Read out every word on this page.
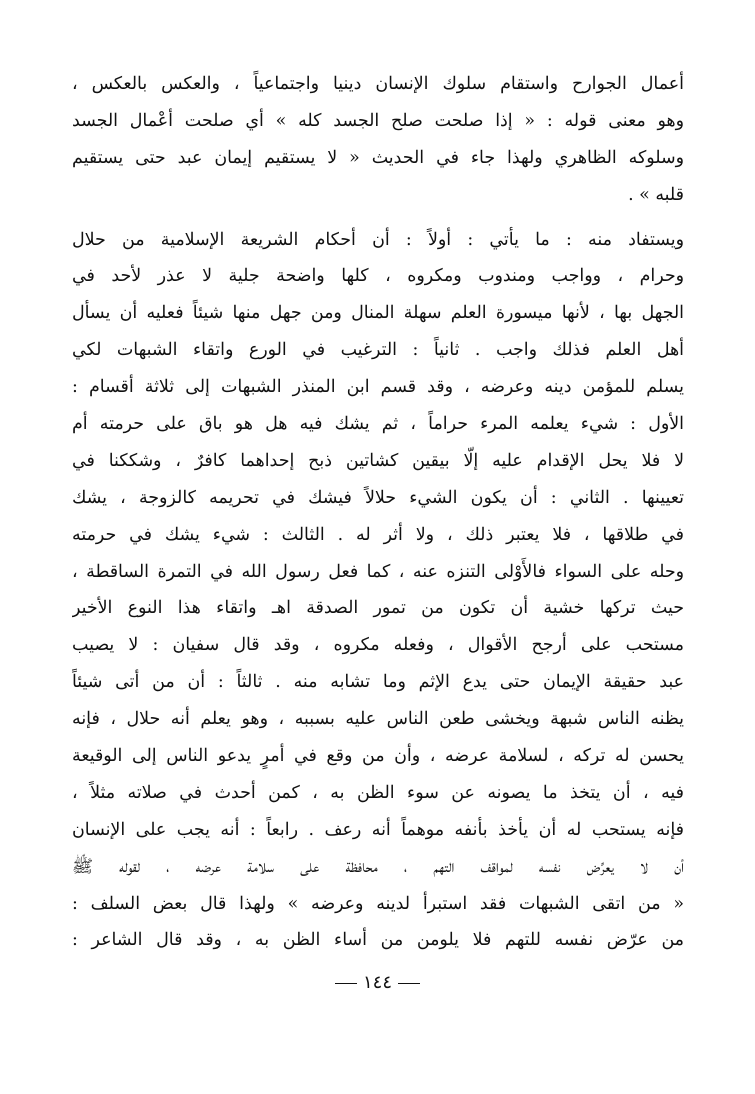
أعمال الجوارح واستقام سلوك الإنسان دينيا واجتماعياً ، والعكس بالعكس ،
وهو معنى قوله : « إذا صلحت صلح الجسد كله » أي صلحت أعْمال الجسد
وسلوكه الظاهري ولهذا جاء في الحديث « لا يستقيم إيمان عبد حتى يستقيم
قلبه » .
ويستفاد منه : ما يأتي : أولاً : أن أحكام الشريعة الإسلامية من حلال
وحرام ، وواجب ومندوب ومكروه ، كلها واضحة جلية لا عذر لأحد في
الجهل بها ، لأنها ميسورة العلم سهلة المنال ومن جهل منها شيئاً فعليه أن يسأل
أهل العلم فذلك واجب . ثانياً : الترغيب في الورع واتقاء الشبهات لكي
يسلم للمؤمن دينه وعرضه ، وقد قسم ابن المنذر الشبهات إلى ثلاثة أقسام :
الأول : شيء يعلمه المرء حراماً ، ثم يشك فيه هل هو باق على حرمته أم
لا فلا يحل الإقدام عليه إلّا بيقين كشاتين ذبح إحداهما كافرٌ ، وشككنا في
تعيينها . الثاني : أن يكون الشيء حلالاً فيشك في تحريمه كالزوجة ، يشك
في طلاقها ، فلا يعتبر ذلك ، ولا أثر له . الثالث : شيء يشك في حرمته
وحله على السواء فالأَوْلى التنزه عنه ، كما فعل رسول الله في التمرة الساقطة ،
حيث تركها خشية أن تكون من تمور الصدقة اهـ واتقاء هذا النوع الأخير
مستحب على أرجح الأقوال ، وفعله مكروه ، وقد قال سفيان : لا يصيب
عبد حقيقة الإيمان حتى يدع الإثم وما تشابه منه . ثالثاً : أن من أتى شيئاً
يظنه الناس شبهة ويخشى طعن الناس عليه بسببه ، وهو يعلم أنه حلال ، فإنه
يحسن له تركه ، لسلامة عرضه ، وأن من وقع في أمرٍ يدعو الناس إلى الوقيعة
فيه ، أن يتخذ ما يصونه عن سوء الظن به ، كمن أحدث في صلاته مثلاً ،
فإنه يستحب له أن يأخذ بأنفه موهماً أنه رعف . رابعاً : أنه يجب على الإنسان
أن لا يعرِّض نفسه لمواقف التهم ، محافظة على سلامة عرضه ، لقوله ﷺ
« من اتقى الشبهات فقد استبرأ لدينه وعرضه » ولهذا قال بعض السلف :
من عرّض نفسه للتهم فلا يلومن من أساء الظن به ، وقد قال الشاعر :
١٤٤
